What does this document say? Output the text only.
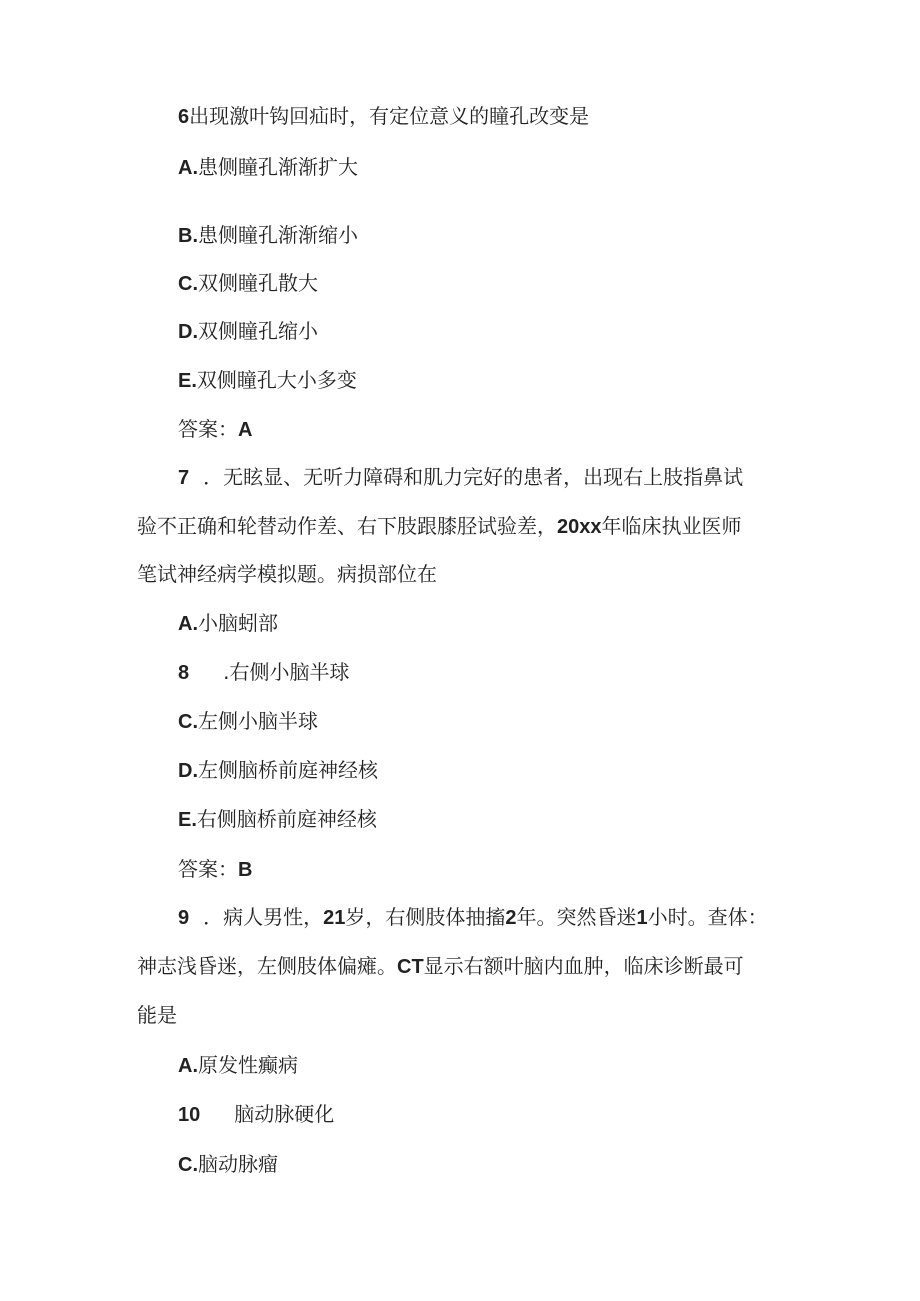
6出现激叶钩回疝时，有定位意义的瞳孔改变是
A.患侧瞳孔渐渐扩大
B.患侧瞳孔渐渐缩小
C.双侧瞳孔散大
D.双侧瞳孔缩小
E.双侧瞳孔大小多变
答案：A
7 ．无眩显、无听力障碍和肌力完好的患者，出现右上肢指鼻试
验不正确和轮替动作差、右下肢跟膝胫试验差，20xx年临床执业医师
笔试神经病学模拟题。病损部位在
A.小脑蚓部
8 .右侧小脑半球
C.左侧小脑半球
D.左侧脑桥前庭神经核
E.右侧脑桥前庭神经核
答案：B
9 ．病人男性，21岁，右侧肢体抽搐2年。突然昏迷1小时。查体：
神志浅昏迷，左侧肢体偏瘫。CT显示右额叶脑内血肿，临床诊断最可
能是
A.原发性癫病
10 脑动脉硬化
C.脑动脉瘤
